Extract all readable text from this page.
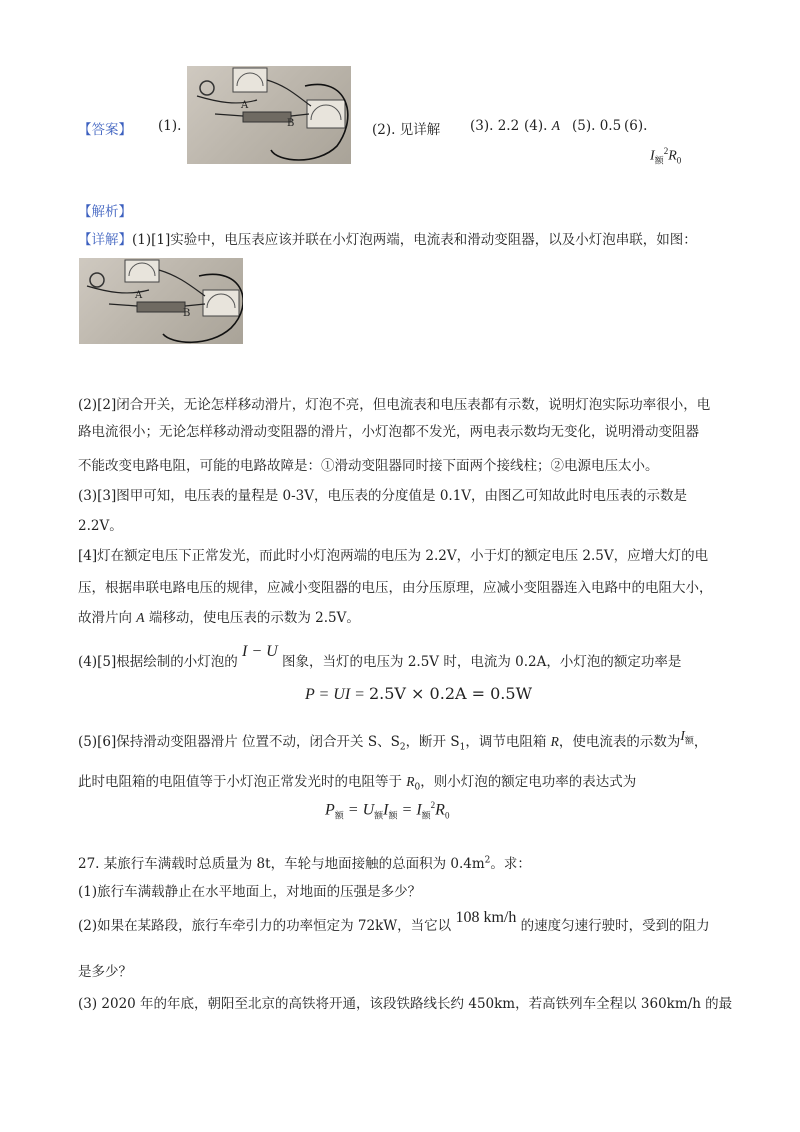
【答案】 (1).
A
B	(2). 见详解 (3). 2.2 (4). A (5). 0.5 (6).
$I_额^2R_0$
【解析】
【详解】(1)[1]实验中，电压表应该并联在小灯泡两端，电流表和滑动变阻器，以及小灯泡串联，如图：
A
B
(2)[2]闭合开关，无论怎样移动滑片，灯泡不亮，但电流表和电压表都有示数，说明灯泡实际功率很小，电
路电流很小；无论怎样移动滑动变阻器的滑片，小灯泡都不发光，两电表示数均无变化，说明滑动变阻器
不能改变电路电阻，可能的电路故障是：①滑动变阻器同时接下面两个接线柱；②电源电压太小。
(3)[3]图甲可知，电压表的量程是 0-3V，电压表的分度值是 0.1V，由图乙可知故此时电压表的示数是
2.2V。
[4]灯在额定电压下正常发光，而此时小灯泡两端的电压为 2.2V，小于灯的额定电压 2.5V，应增大灯的电
压，根据串联电路电压的规律，应减小变阻器的电压，由分压原理，应减小变阻器连入电路中的电阻大小，
故滑片向 A 端移动，使电压表的示数为 2.5V。
(4)[5]根据绘制的小灯泡的 I − U 图象，当灯的电压为 2.5V 时，电流为 0.2A，小灯泡的额定功率是
P = UI = 2.5V × 0.2A = 0.5W
(5)[6]保持滑动变阻器滑片 位置不动，闭合开关 S、$S_2$，断开 $S_1$，调节电阻箱 R，使电流表的示数为$I_额$，
此时电阻箱的电阻值等于小灯泡正常发光时的电阻等于 $R_0$，则小灯泡的额定电功率的表达式为
$P_额 = U_额I_额 = I_额^2R_0$
27. 某旅行车满载时总质量为 8t，车轮与地面接触的总面积为 $0.4m^2$。求：
(1)旅行车满载静止在水平地面上，对地面的压强是多少？
(2)如果在某路段，旅行车牵引力的功率恒定为 72kW，当它以 108 km/h 的速度匀速行驶时，受到的阻力
是多少？
(3) 2020 年的年底，朝阳至北京的高铁将开通，该段铁路线长约 450km，若高铁列车全程以 360km/h 的最
